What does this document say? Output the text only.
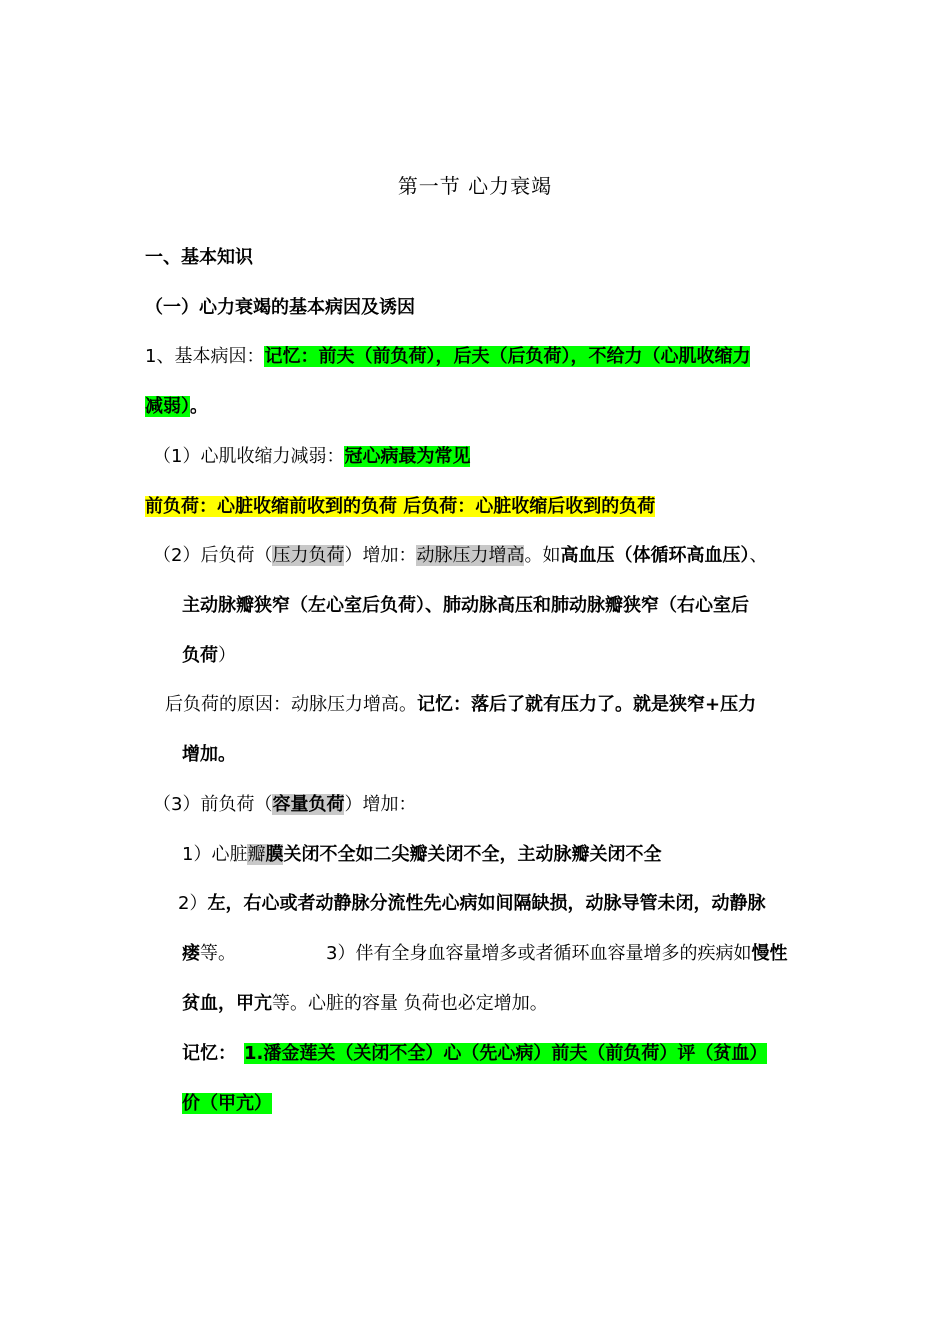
第一节 心力衰竭
一、基本知识
（一）心力衰竭的基本病因及诱因
1、基本病因：记忆：前夫（前负荷），后夫（后负荷），不给力（心肌收缩力
减弱）。
（1）心肌收缩力减弱：冠心病最为常见
前负荷：心脏收缩前收到的负荷 后负荷：心脏收缩后收到的负荷
（2）后负荷（压力负荷）增加：动脉压力增高。如高血压（体循环高血压）、
主动脉瓣狭窄（左心室后负荷）、肺动脉高压和肺动脉瓣狭窄（右心室后
负荷）
后负荷的原因：动脉压力增高。记忆：落后了就有压力了。就是狭窄+压力
增加。
（3）前负荷（容量负荷）增加：
1）心脏瓣膜关闭不全如二尖瓣关闭不全，主动脉瓣关闭不全
2）左，右心或者动静脉分流性先心病如间隔缺损，动脉导管未闭，动静脉
瘘等。	3）伴有全身血容量增多或者循环血容量增多的疾病如慢性
贫血，甲亢等。心脏的容量 负荷也必定增加。
记忆： 1.潘金莲关（关闭不全）心（先心病）前夫（前负荷）评（贫血）
价（甲亢）
